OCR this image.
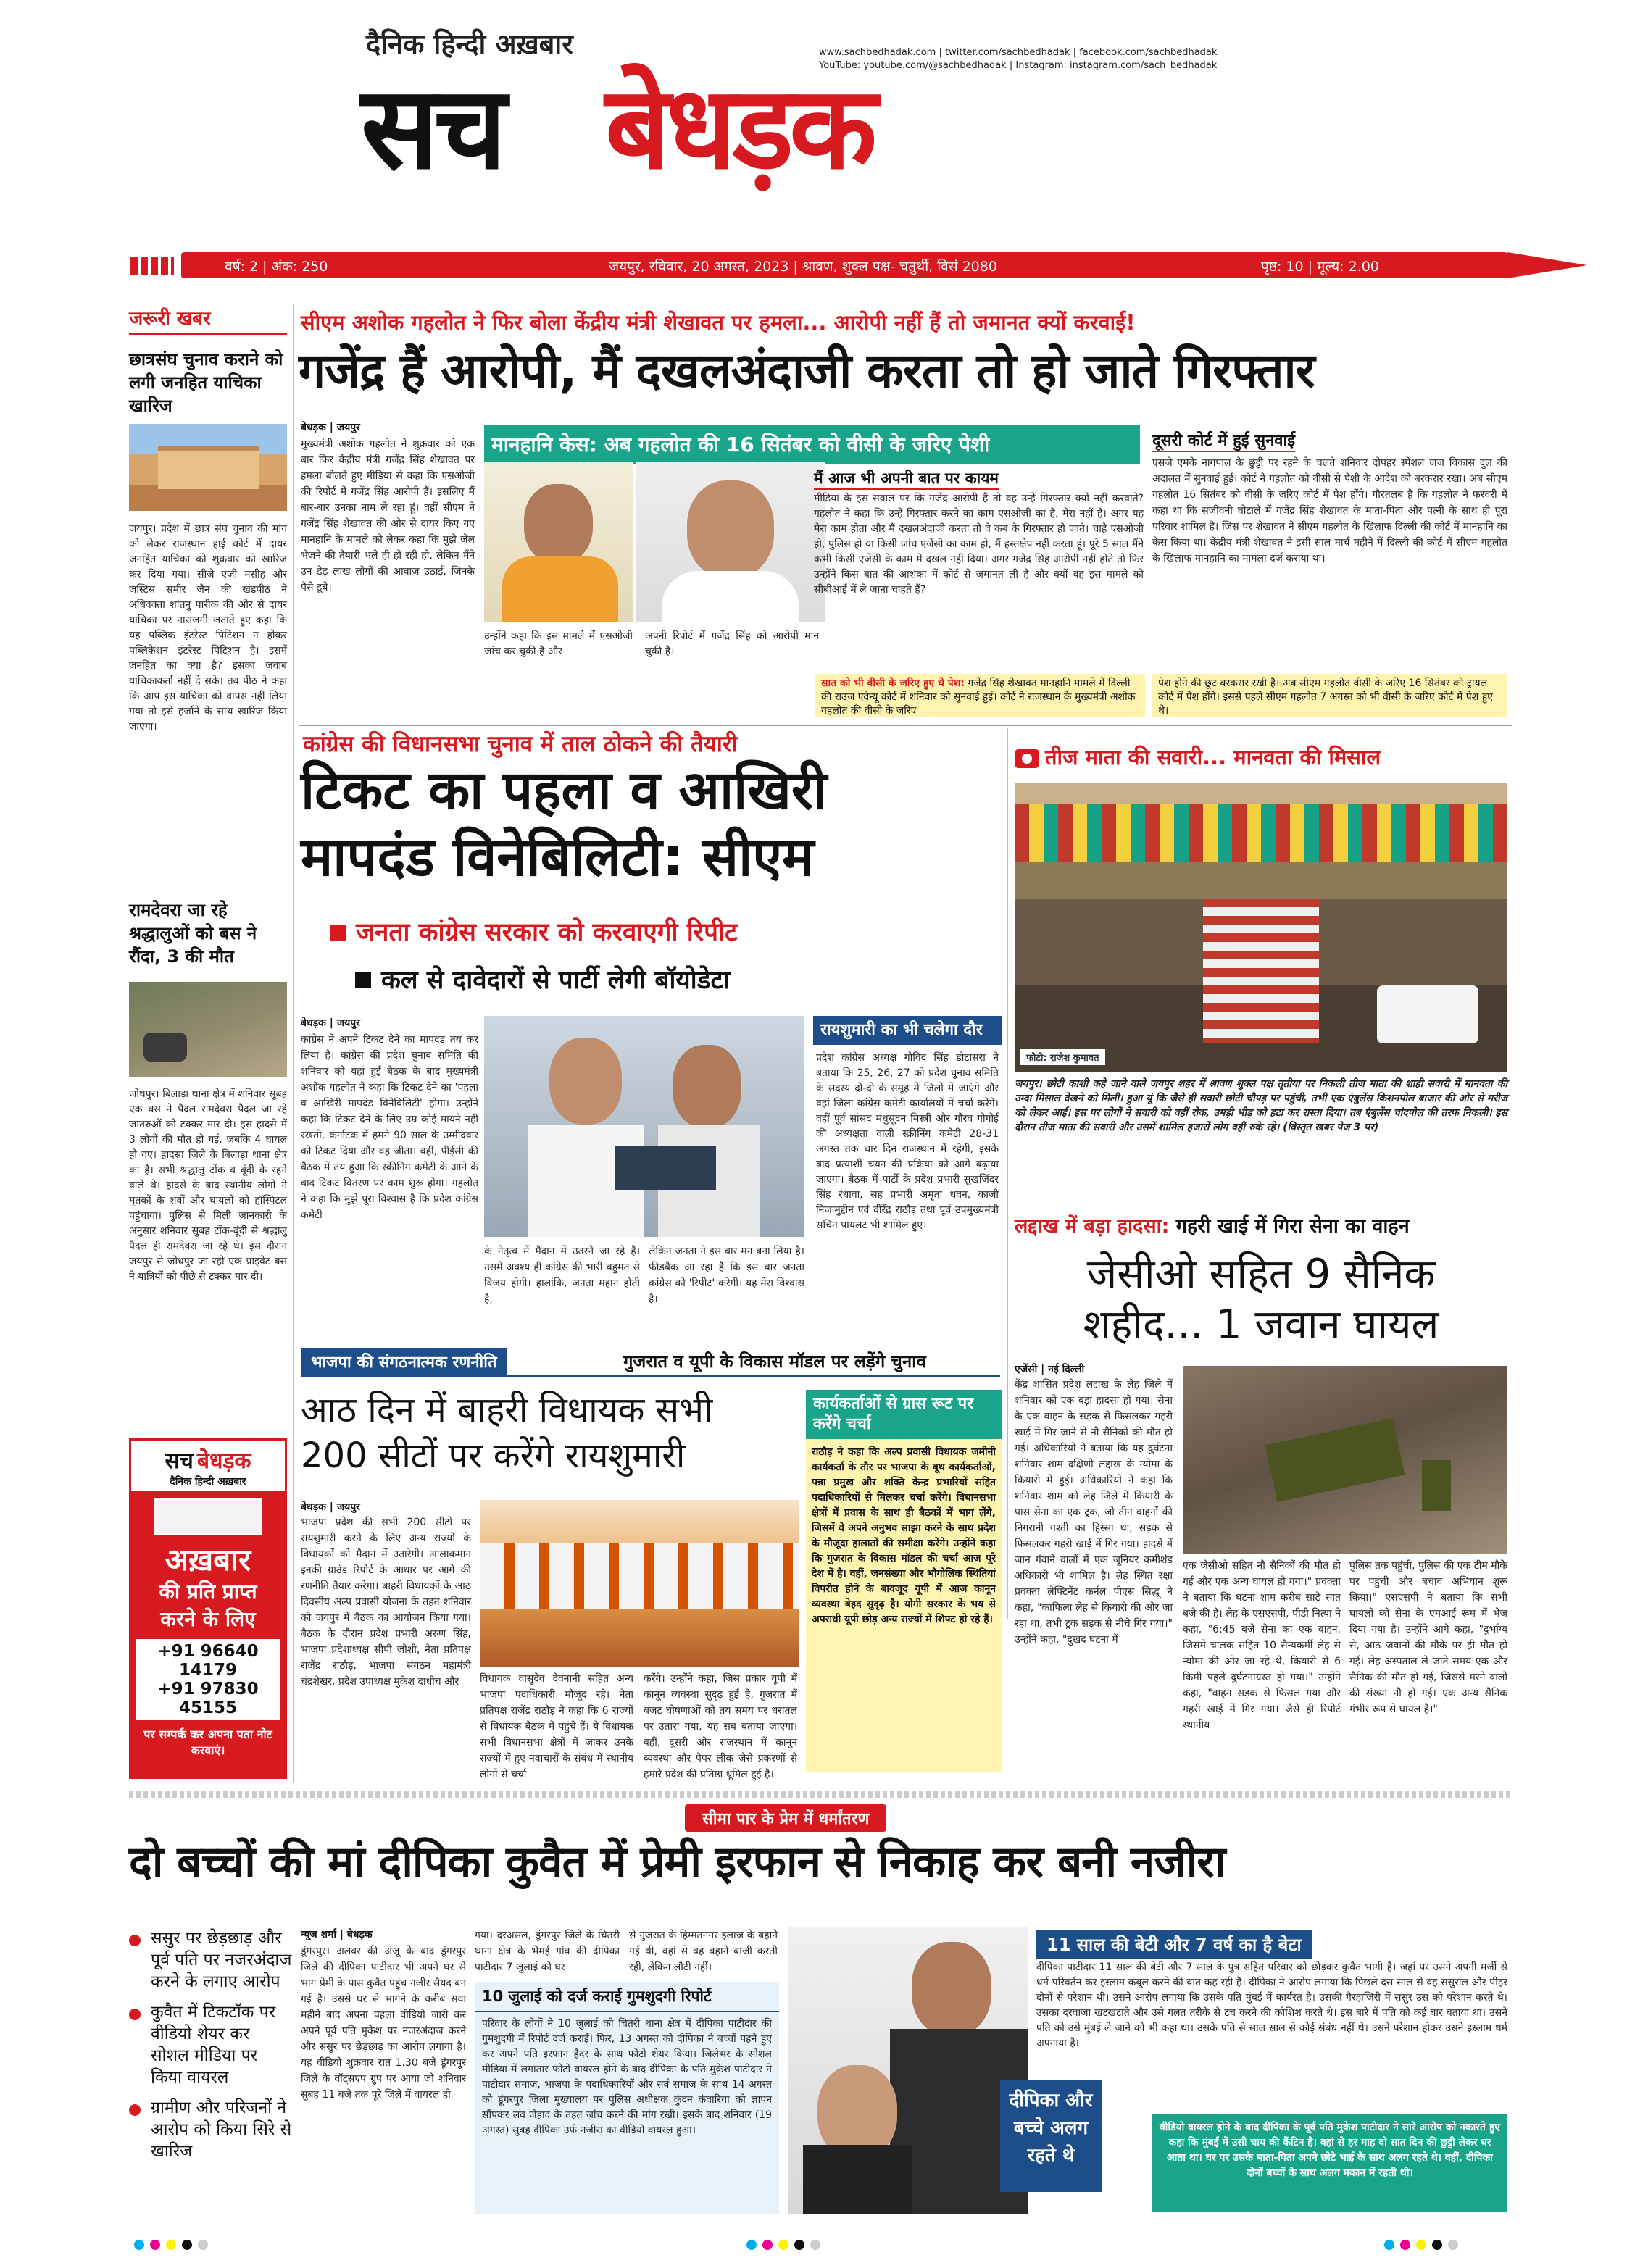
दैनिक हिन्दी अख़बार
सच बेधड़क
www.sachbedhadak.com | twitter.com/sachbedhadak | facebook.com/sachbedhadak
YouTube: youtube.com/@sachbedhadak | Instagram: instagram.com/sach_bedhadak
वर्ष: 2 | अंक: 250	जयपुर, रविवार, 20 अगस्त, 2023 | श्रावण, शुक्ल पक्ष- चतुर्थी, विसं 2080	पृष्ठ: 10 | मूल्य: 2.00
जरूरी खबर
छात्रसंघ चुनाव कराने को लगी जनहित याचिका खारिज
जयपुर। प्रदेश में छात्र संघ चुनाव की मांग को लेकर राजस्थान हाई कोर्ट में दायर जनहित याचिका को शुक्रवार को खारिज कर दिया गया। सीजे एजी मसीह और जस्टिस समीर जैन की खंडपीठ ने अधिवक्ता शांतनु पारीक की ओर से दायर याचिका पर नाराजगी जताते हुए कहा कि यह पब्लिक इंटरेस्ट पिटिशन न होकर पब्लिकेशन इंटरेस्ट पिटिशन है। इसमें जनहित का क्या है? इसका जवाब याचिकाकर्ता नहीं दे सके। तब पीठ ने कहा कि आप इस याचिका को वापस नहीं लिया गया तो इसे हर्जाने के साथ खारिज किया जाएगा।
रामदेवरा जा रहे श्रद्धालुओं को बस ने रौंदा, 3 की मौत
जोधपुर। बिलाड़ा थाना क्षेत्र में शनिवार सुबह एक बस ने पैदल रामदेवरा पैदल जा रहे जातरुओं को टक्कर मार दी। इस हादसे में 3 लोगों की मौत हो गई, जबकि 4 घायल हो गए। हादसा जिले के बिलाड़ा थाना क्षेत्र का है। सभी श्रद्धालु टोंक व बूंदी के रहने वाले थे। हादसे के बाद स्थानीय लोगों ने मृतकों के शवों और घायलों को हॉस्पिटल पहुंचाया। पुलिस से मिली जानकारी के अनुसार शनिवार सुबह टोंक-बूंदी से श्रद्धालु पैदल ही रामदेवरा जा रहे थे। इस दौरान जयपुर से जोधपुर जा रही एक प्राइवेट बस ने यात्रियों को पीछे से टक्कर मार दी।
सच बेधड़क
दैनिक हिन्दी अख़बार
अख़बार
की प्रति प्राप्त
करने के लिए
+91 96640 14179
+91 97830 45155
पर सम्पर्क कर अपना पता नोट करवाएं।
सीएम अशोक गहलोत ने फिर बोला केंद्रीय मंत्री शेखावत पर हमला... आरोपी नहीं हैं तो जमानत क्यों करवाई!
गजेंद्र हैं आरोपी, मैं दखलअंदाजी करता तो हो जाते गिरफ्तार
बेधड़क | जयपुर
मुख्यमंत्री अशोक गहलोत ने शुक्रवार को एक बार फिर केंद्रीय मंत्री गजेंद्र सिंह शेखावत पर हमला बोलते हुए मीडिया से कहा कि एसओजी की रिपोर्ट में गजेंद्र सिंह आरोपी हैं। इसलिए मैं बार-बार उनका नाम ले रहा हूं। वहीं सीएम ने गजेंद्र सिंह शेखावत की ओर से दायर किए गए मानहानि के मामले को लेकर कहा कि मुझे जेल भेजने की तैयारी भले ही हो रही हो, लेकिन मैंने उन डेढ़ लाख लोगों की आवाज उठाई, जिनके पैसे डूबे।
मानहानि केस: अब गहलोत की 16 सितंबर को वीसी के जरिए पेशी
उन्होंने कहा कि इस मामले में एसओजी जांच कर चुकी है और
अपनी रिपोर्ट में गजेंद्र सिंह को आरोपी मान चुकी है।
मैं आज भी अपनी बात पर कायम
मीडिया के इस सवाल पर कि गजेंद्र आरोपी हैं तो वह उन्हें गिरफ्तार क्यों नहीं करवाते? गहलोत ने कहा कि उन्हें गिरफ्तार करने का काम एसओजी का है, मेरा नहीं है। अगर यह मेरा काम होता और मैं दखलअंदाजी करता तो वे कब के गिरफ्तार हो जाते। चाहे एसओजी हो, पुलिस हो या किसी जांच एजेंसी का काम हो, मैं हस्तक्षेप नहीं करता हूं। पूरे 5 साल मैंने कभी किसी एजेंसी के काम में दखल नहीं दिया। अगर गजेंद्र सिंह आरोपी नहीं होते तो फिर उन्होंने किस बात की आशंका में कोर्ट से जमानत ली है और क्यों वह इस मामले को सीबीआई में ले जाना चाहते हैं?
दूसरी कोर्ट में हुई सुनवाई
एसजे एमके नागपाल के छुट्टी पर रहने के चलते शनिवार दोपहर स्पेशल जज विकास दुल की अदालत में सुनवाई हुई। कोर्ट ने गहलोत को वीसी से पेशी के आदेश को बरकरार रखा। अब सीएम गहलोत 16 सितंबर को वीसी के जरिए कोर्ट में पेश होंगे। गौरतलब है कि गहलोत ने फरवरी में कहा था कि संजीवनी घोटाले में गजेंद्र सिंह शेखावत के माता-पिता और पत्नी के साथ ही पूरा परिवार शामिल है। जिस पर शेखावत ने सीएम गहलोत के खिलाफ दिल्ली की कोर्ट में मानहानि का केस किया था। केंद्रीय मंत्री शेखावत ने इसी साल मार्च महीने में दिल्ली की कोर्ट में सीएम गहलोत के खिलाफ मानहानि का मामला दर्ज कराया था।
सात को भी वीसी के जरिए हुए थे पेश: गजेंद्र सिंह शेखावत मानहानि मामले में दिल्ली की राउज एवेन्यू कोर्ट में शनिवार को सुनवाई हुई। कोर्ट ने राजस्थान के मुख्यमंत्री अशोक गहलोत की वीसी के जरिए
पेश होने की छूट बरकरार रखी है। अब सीएम गहलोत वीसी के जरिए 16 सितंबर को ट्रायल कोर्ट में पेश होंगे। इससे पहले सीएम गहलोत 7 अगस्त को भी वीसी के जरिए कोर्ट में पेश हुए थे।
कांग्रेस की विधानसभा चुनाव में ताल ठोकने की तैयारी
टिकट का पहला व आखिरी
मापदंड विनेबिलिटी: सीएम
जनता कांग्रेस सरकार को करवाएगी रिपीट
कल से दावेदारों से पार्टी लेगी बॉयोडेटा
बेधड़क | जयपुर
कांग्रेस ने अपने टिकट देने का मापदंड तय कर लिया है। कांग्रेस की प्रदेश चुनाव समिति की शनिवार को यहां हुई बैठक के बाद मुख्यमंत्री अशोक गहलोत ने कहा कि टिकट देने का 'पहला व आखिरी मापदंड विनेबिलिटी' होगा। उन्होंने कहा कि टिकट देने के लिए उम्र कोई मायने नहीं रखती, कर्नाटक में हमने 90 साल के उम्मीदवार को टिकट दिया और वह जीता। वहीं, पीईसी की बैठक में तय हुआ कि स्क्रीनिंग कमेटी के आने के बाद टिकट वितरण पर काम शुरू होगा। गहलोत ने कहा कि मुझे पूरा विश्वास है कि प्रदेश कांग्रेस कमेटी
के नेतृत्व में मैदान में उतरने जा रहे हैं। उसमें अवश्य ही कांग्रेस की भारी बहुमत से विजय होगी। हालांकि, जनता महान होती है,
लेकिन जनता ने इस बार मन बना लिया है। फीडबैक आ रहा है कि इस बार जनता कांग्रेस को 'रिपीट' करेगी। यह मेरा विश्वास है।
रायशुमारी का भी चलेगा दौर
प्रदेश कांग्रेस अध्यक्ष गोविंद सिंह डोटासरा ने बताया कि 25, 26, 27 को प्रदेश चुनाव समिति के सदस्य दो-दो के समूह में जिलों में जाएंगे और वहां जिला कांग्रेस कमेटी कार्यालयों में चर्चा करेंगे। वहीं पूर्व सांसद मधुसूदन मिस्त्री और गौरव गोगोई की अध्यक्षता वाली स्क्रीनिंग कमेटी 28-31 अगस्त तक चार दिन राजस्थान में रहेगी, इसके बाद प्रत्याशी चयन की प्रक्रिया को आगे बढ़ाया जाएगा। बैठक में पार्टी के प्रदेश प्रभारी सुखजिंदर सिंह रंधावा, सह प्रभारी अमृता धवन, काजी निजामुद्दीन एवं वीरेंद्र राठौड़ तथा पूर्व उपमुख्यमंत्री सचिन पायलट भी शामिल हुए।
तीज माता की सवारी... मानवता की मिसाल
फोटो: राजेश कुमावत
जयपुर। छोटी काशी कहे जाने वाले जयपुर शहर में श्रावण शुक्ल पक्ष तृतीया पर निकली तीज माता की शाही सवारी में मानवता की उम्दा मिसाल देखने को मिली। हुआ यूं कि जैसे ही सवारी छोटी चौपड़ पर पहुंची, तभी एक एंबुलेंस किशनपोल बाजार की ओर से मरीज को लेकर आई। इस पर लोगों ने सवारी को वहीं रोक, उमड़ी भीड़ को हटा कर रास्ता दिया। तब एंबुलेंस चांदपोल की तरफ निकली। इस दौरान तीज माता की सवारी और उसमें शामिल हजारों लोग वहीं रुके रहे। (विस्तृत खबर पेज 3 पर)
लद्दाख में बड़ा हादसा: गहरी खाई में गिरा सेना का वाहन
जेसीओ सहित 9 सैनिक
शहीद... 1 जवान घायल
एजेंसी | नई दिल्ली
केंद्र शासित प्रदेश लद्दाख के लेह जिले में शनिवार को एक बड़ा हादसा हो गया। सेना के एक वाहन के सड़क से फिसलकर गहरी खाई में गिर जाने से नौ सैनिकों की मौत हो गई। अधिकारियों ने बताया कि यह दुर्घटना शनिवार शाम दक्षिणी लद्दाख के न्योमा के कियारी में हुई। अधिकारियों ने कहा कि शनिवार शाम को लेह जिले में कियारी के पास सेना का एक ट्रक, जो तीन वाहनों की निगरानी गश्ती का हिस्सा था, सड़क से फिसलकर गहरी खाई में गिर गया। हादसे में जान गंवाने वालों में एक जूनियर कमीशंड अधिकारी भी शामिल है। लेह स्थित रक्षा प्रवक्ता लेफ्टिनेंट कर्नल पीएस सिद्धू ने कहा, "काफिला लेह से कियारी की ओर जा रहा था, तभी ट्रक सड़क से नीचे गिर गया।" उन्होंने कहा, "दुखद घटना में
एक जेसीओ सहित नौ सैनिकों की मौत हो गई और एक अन्य घायल हो गया।" प्रवक्ता ने बताया कि घटना शाम करीब साढ़े सात बजे की है। लेह के एसएसपी, पीडी नित्या ने कहा, "6:45 बजे सेना का एक वाहन, जिसमें चालक सहित 10 सैन्यकर्मी लेह से न्योमा की ओर जा रहे थे, कियारी से 6 किमी पहले दुर्घटनाग्रस्त हो गया।" उन्होंने कहा, "वाहन सड़क से फिसल गया और गहरी खाई में गिर गया। जैसे ही रिपोर्ट स्थानीय
पुलिस तक पहुंची, पुलिस की एक टीम मौके पर पहुंची और बचाव अभियान शुरू किया।" एसएसपी ने बताया कि सभी घायलों को सेना के एमआई रूम में भेज दिया गया है। उन्होंने आगे कहा, "दुर्भाग्य से, आठ जवानों की मौके पर ही मौत हो गई। लेह अस्पताल ले जाते समय एक और सैनिक की मौत हो गई, जिससे मरने वालों की संख्या नौ हो गई। एक अन्य सैनिक गंभीर रूप से घायल है।"
भाजपा की संगठनात्मक रणनीति	गुजरात व यूपी के विकास मॉडल पर लड़ेंगे चुनाव
आठ दिन में बाहरी विधायक सभी
200 सीटों पर करेंगे रायशुमारी
बेधड़क | जयपुर
भाजपा प्रदेश की सभी 200 सीटों पर रायशुमारी करने के लिए अन्य राज्यों के विधायकों को मैदान में उतारेगी। आलाकमान इनकी ग्राउंड रिपोर्ट के आधार पर आगे की रणनीति तैयार करेगा। बाहरी विधायकों के आठ दिवसीय अल्प प्रवासी योजना के तहत शनिवार को जयपुर में बैठक का आयोजन किया गया। बैठक के दौरान प्रदेश प्रभारी अरुण सिंह, भाजपा प्रदेशाध्यक्ष सीपी जोशी, नेता प्रतिपक्ष राजेंद्र राठौड़, भाजपा संगठन महामंत्री चंद्रशेखर, प्रदेश उपाध्यक्ष मुकेश दाधीच और	विधायक वासुदेव देवनानी सहित अन्य भाजपा पदाधिकारी मौजूद रहे। नेता प्रतिपक्ष राजेंद्र राठौड़ ने कहा कि 6 राज्यों से विधायक बैठक में पहुंचे हैं। ये विधायक सभी विधानसभा क्षेत्रों में जाकर उनके राज्यों में हुए नवाचारों के संबंध में स्थानीय लोगों से चर्चा
करेंगे। उन्होंने कहा, जिस प्रकार यूपी में कानून व्यवस्था सुदृढ़ हुई है, गुजरात में बजट घोषणाओं को तय समय पर धरातल पर उतारा गया, यह सब बताया जाएगा। वहीं, दूसरी ओर राजस्थान में कानून व्यवस्था और पेपर लीक जैसे प्रकरणों से हमारे प्रदेश की प्रतिष्ठा धूमिल हुई है।
कार्यकर्ताओं से ग्रास रूट पर करेंगे चर्चा
राठौड़ ने कहा कि अल्प प्रवासी विधायक जमीनी कार्यकर्ता के तौर पर भाजपा के बूथ कार्यकर्ताओं, पन्ना प्रमुख और शक्ति केन्द्र प्रभारियों सहित पदाधिकारियों से मिलकर चर्चा करेंगे। विधानसभा क्षेत्रों में प्रवास के साथ ही बैठकों में भाग लेंगे, जिसमें वे अपने अनुभव साझा करने के साथ प्रदेश के मौजूदा हालातों की समीक्षा करेंगे। उन्होंने कहा कि गुजरात के विकास मॉडल की चर्चा आज पूरे देश में है। वहीं, जनसंख्या और भौगोलिक स्थितियां विपरीत होने के बावजूद यूपी में आज कानून व्यवस्था बेहद सुदृढ़ है। योगी सरकार के भय से अपराधी यूपी छोड़ अन्य राज्यों में शिफ्ट हो रहे हैं।
सीमा पार के प्रेम में धर्मांतरण
दो बच्चों की मां दीपिका कुवैत में प्रेमी इरफान से निकाह कर बनी नजीरा
ससुर पर छेड़छाड़ और पूर्व पति पर नजरअंदाज करने के लगाए आरोप
कुवैत में टिकटॉक पर वीडियो शेयर कर सोशल मीडिया पर किया वायरल
ग्रामीण और परिजनों ने आरोप को किया सिरे से खारिज
न्यूज शर्मा | बेधड़क
डूंगरपुर। अलवर की अंजू के बाद डूंगरपुर जिले की दीपिका पाटीदार भी अपने घर से भाग प्रेमी के पास कुवैत पहुंच नजीर सैयद बन गई है। उससे घर से भागने के करीब सवा महीने बाद अपना पहला वीडियो जारी कर अपने पूर्व पति मुकेश पर नजरअंदाज करने और ससुर पर छेड़छाड़ का आरोप लगाया है। यह वीडियो शुक्रवार रात 1.30 बजे डूंगरपुर जिले के वॉट्सएप ग्रुप पर आया जो शनिवार सुबह 11 बजे तक पूरे जिले में वायरल हो
गया। दरअसल, डूंगरपुर जिले के चितरी थाना क्षेत्र के भेमई गांव की दीपिका पाटीदार 7 जुलाई को घर
से गुजरात के हिम्मतनगर इलाज के बहाने गई थी, वहां से वह बहाने बाजी करती रही, लेकिन लौटी नहीं।
10 जुलाई को दर्ज कराई गुमशुदगी रिपोर्ट
परिवार के लोगों ने 10 जुलाई को चितरी थाना क्षेत्र में दीपिका पाटीदार की गुमशुदगी में रिपोर्ट दर्ज कराई। फिर, 13 अगस्त को दीपिका ने बच्चों पहने हुए कर अपने पति इरफान हैदर के साथ फोटो शेयर किया। जिलेभर के सोशल मीडिया में लगातार फोटो वायरल होने के बाद दीपिका के पति मुकेश पाटीदार ने पाटीदार समाज, भाजपा के पदाधिकारियों और सर्व समाज के साथ 14 अगस्त को डूंगरपुर जिला मुख्यालय पर पुलिस अधीक्षक कुंदन कंवारिया को ज्ञापन सौंपकर लव जेहाद के तहत जांच करने की मांग रखी। इसके बाद शनिवार (19 अगस्त) सुबह दीपिका उर्फ नजीरा का वीडियो वायरल हुआ।
दीपिका और
बच्चे अलग
रहते थे
11 साल की बेटी और 7 वर्ष का है बेटा
दीपिका पाटीदार 11 साल की बेटी और 7 साल के पुत्र सहित परिवार को छोड़कर कुवैत भागी है। जहां पर उसने अपनी मर्जी से धर्म परिवर्तन कर इस्लाम कबूल करने की बात कह रही है। दीपिका ने आरोप लगाया कि पिछले दस साल से वह ससुराल और पीहर दोनों से परेशान थी। उसने आरोप लगाया कि उसके पति मुंबई में कार्यरत है। उसकी गैरहाजिरी में ससुर उस को परेशान करते थे। उसका दरवाजा खटखटाते और उसे गलत तरीके से टच करने की कोशिश करते थे। इस बारे में पति को कई बार बताया था। उसने पति को उसे मुंबई ले जाने को भी कहा था। उसके पति से साल साल से कोई संबंध नहीं थे। उसने परेशान होकर उसने इस्लाम धर्म अपनाया है।
वीडियो वायरल होने के बाद दीपिका के पूर्व पति मुकेश पाटीदार ने सारे आरोप को नकारते हुए कहा कि मुंबई में उसी चाय की कैंटिन है। वहां से हर माह वो सात दिन की छुट्टी लेकर घर आता था। घर पर उसके माता-पिता अपने छोटे भाई के साथ अलग रहते थे। वहीं, दीपिका दोनों बच्चों के साथ अलग मकान में रहती थी।
